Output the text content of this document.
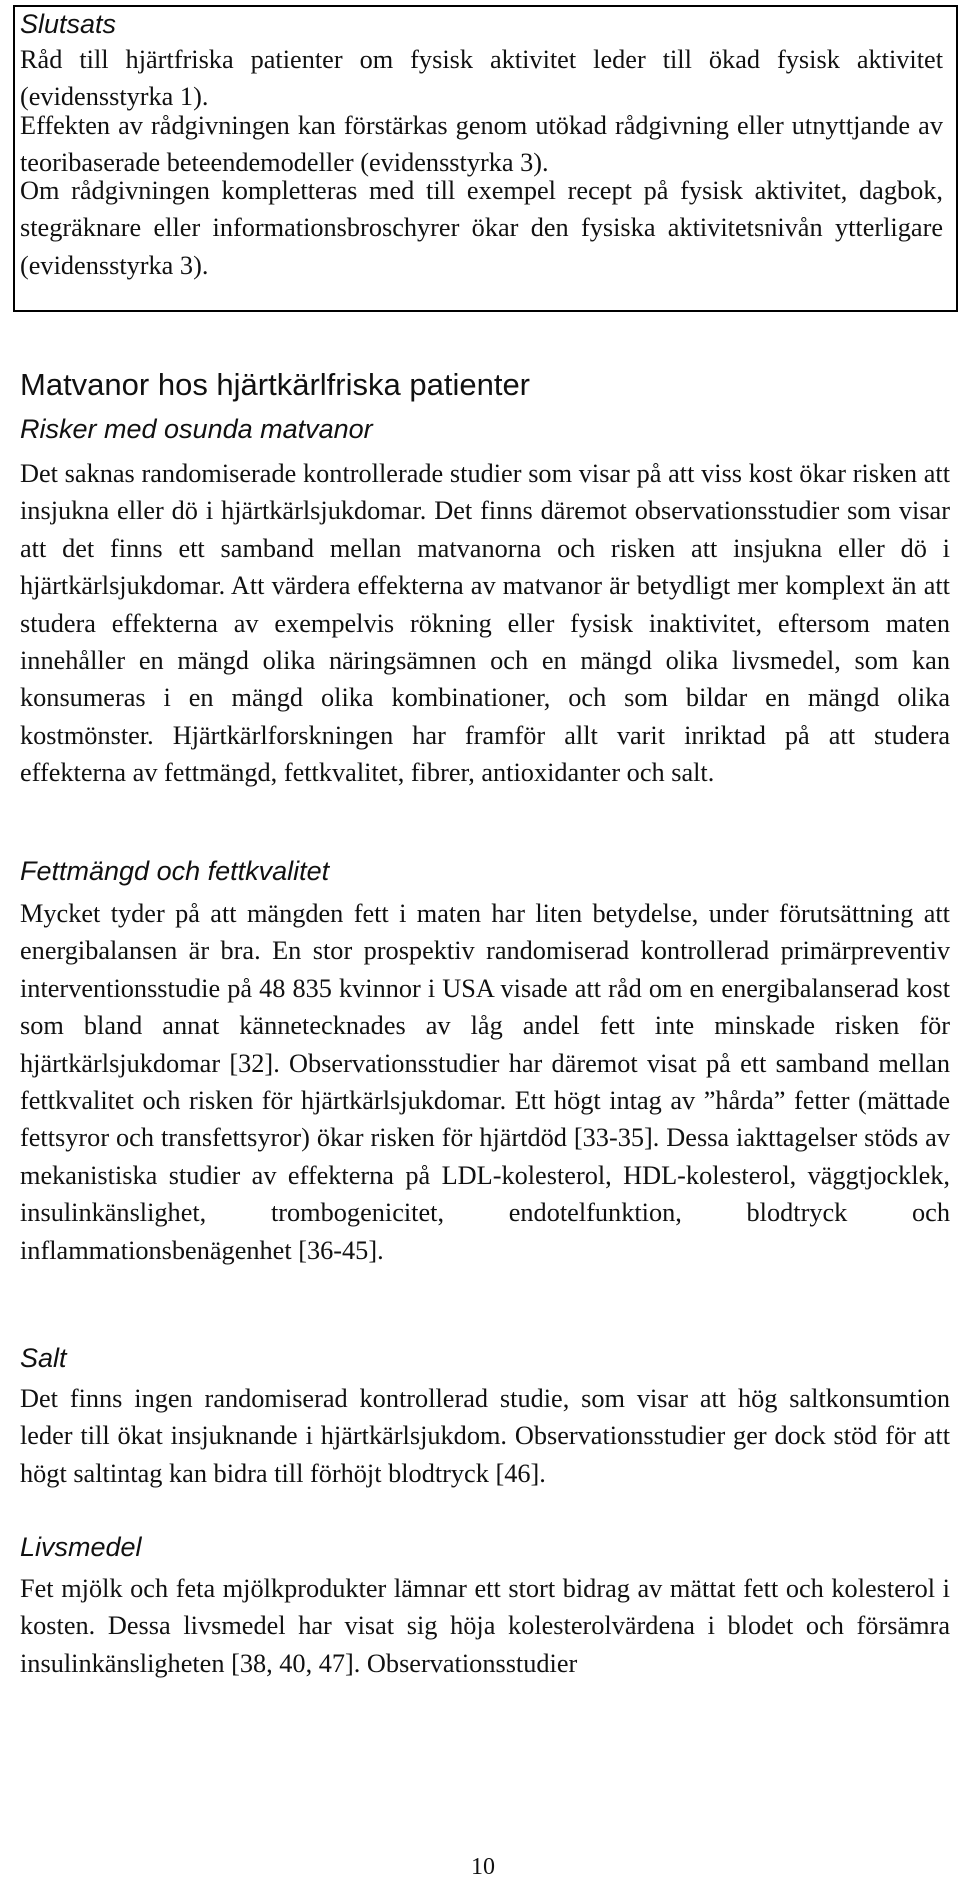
Slutsats

Råd till hjärtfriska patienter om fysisk aktivitet leder till ökad fysisk aktivitet (evidensstyrka 1).

Effekten av rådgivningen kan förstärkas genom utökad rådgivning eller utnyttjande av teoribaserade beteendemodeller (evidensstyrka 3).

Om rådgivningen kompletteras med till exempel recept på fysisk aktivitet, dagbok, stegräknare eller informationsbroschyrer ökar den fysiska aktivitetsnivån ytterligare (evidensstyrka 3).

Matvanor hos hjärtkärlfriska patienter
Risker med osunda matvanor

Det saknas randomiserade kontrollerade studier som visar på att viss kost ökar risken att insjukna eller dö i hjärtkärlsjukdomar. Det finns däremot observationsstudier som visar att det finns ett samband mellan matvanorna och risken att insjukna eller dö i hjärtkärlsjukdomar. Att värdera effekterna av matvanor är betydligt mer komplext än att studera effekterna av exempelvis rökning eller fysisk inaktivitet, eftersom maten innehåller en mängd olika näringsämnen och en mängd olika livsmedel, som kan konsumeras i en mängd olika kombinationer, och som bildar en mängd olika kostmönster. Hjärtkärlforskningen har framför allt varit inriktad på att studera effekterna av fettmängd, fettkvalitet, fibrer, antioxidanter och salt.

Fettmängd och fettkvalitet

Mycket tyder på att mängden fett i maten har liten betydelse, under förutsättning att energibalansen är bra. En stor prospektiv randomiserad kontrollerad primärpreventiv interventionsstudie på 48 835 kvinnor i USA visade att råd om en energibalanserad kost som bland annat kännetecknades av låg andel fett inte minskade risken för hjärtkärlsjukdomar [32]. Observationsstudier har däremot visat på ett samband mellan fettkvalitet och risken för hjärtkärlsjukdomar. Ett högt intag av ”hårda” fetter (mättade fettsyror och transfettsyror) ökar risken för hjärtdöd [33-35]. Dessa iakttagelser stöds av mekanistiska studier av effekterna på LDL-kolesterol, HDL-kolesterol, väggtjocklek, insulinkänslighet, trombogenicitet, endotelfunktion, blodtryck och inflammationsbenägenhet [36-45].

Salt

Det finns ingen randomiserad kontrollerad studie, som visar att hög saltkonsumtion leder till ökat insjuknande i hjärtkärlsjukdom. Observationsstudier ger dock stöd för att högt saltintag kan bidra till förhöjt blodtryck [46].

Livsmedel

Fet mjölk och feta mjölkprodukter lämnar ett stort bidrag av mättat fett och kolesterol i kosten. Dessa livsmedel har visat sig höja kolesterolvärdena i blodet och försämra insulinkänsligheten [38, 40, 47]. Observationsstudier

10
